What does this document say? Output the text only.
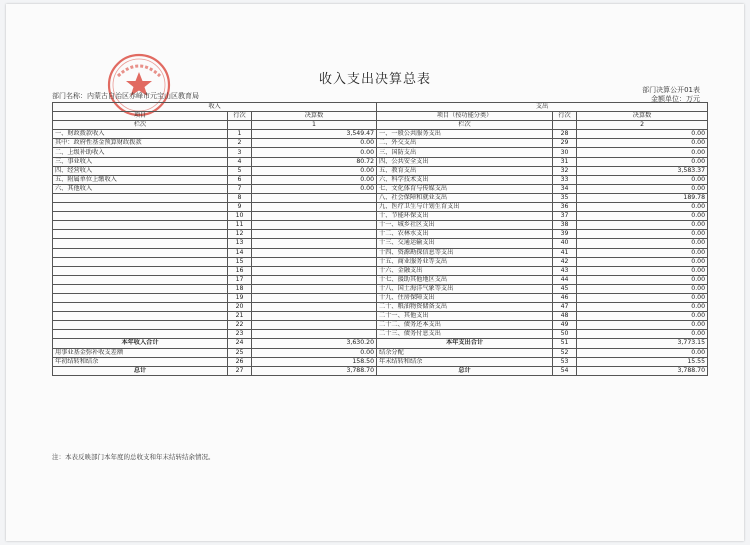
收入支出决算总表
部门名称：内蒙古自治区赤峰市元宝山区教育局
部门决算公开01表
金额单位：万元
收入			支出		
项目	行次	决算数	项目（按功能分类）	行次	决算数
栏次		1	栏次		2
一、财政拨款收入	1	3,549.47	一、一般公共服务支出	28	0.00
其中：政府性基金预算财政拨款	2	0.00	二、外交支出	29	0.00
二、上级补助收入	3	0.00	三、国防支出	30	0.00
三、事业收入	4	80.72	四、公共安全支出	31	0.00
四、经营收入	5	0.00	五、教育支出	32	3,583.37
五、附属单位上缴收入	6	0.00	六、科学技术支出	33	0.00
六、其他收入	7	0.00	七、文化体育与传媒支出	34	0.00
	8		八、社会保障和就业支出	35	189.78
	9		九、医疗卫生与计划生育支出	36	0.00
	10		十、节能环保支出	37	0.00
	11		十一、城乡社区支出	38	0.00
	12		十二、农林水支出	39	0.00
	13		十三、交通运输支出	40	0.00
	14		十四、资源勘探信息等支出	41	0.00
	15		十五、商业服务业等支出	42	0.00
	16		十六、金融支出	43	0.00
	17		十七、援助其他地区支出	44	0.00
	18		十八、国土海洋气象等支出	45	0.00
	19		十九、住房保障支出	46	0.00
	20		二十、粮油物资储备支出	47	0.00
	21		二十一、其他支出	48	0.00
	22		二十二、债务还本支出	49	0.00
	23		二十三、债务付息支出	50	0.00
本年收入合计	24	3,630.20	本年支出合计	51	3,773.15
用事业基金弥补收支差额	25	0.00	结余分配	52	0.00
年初结转和结余	26	158.50	年末结转和结余	53	15.55
总计	27	3,788.70	总计	54	3,788.70
注：本表反映部门本年度的总收支和年末结转结余情况。
